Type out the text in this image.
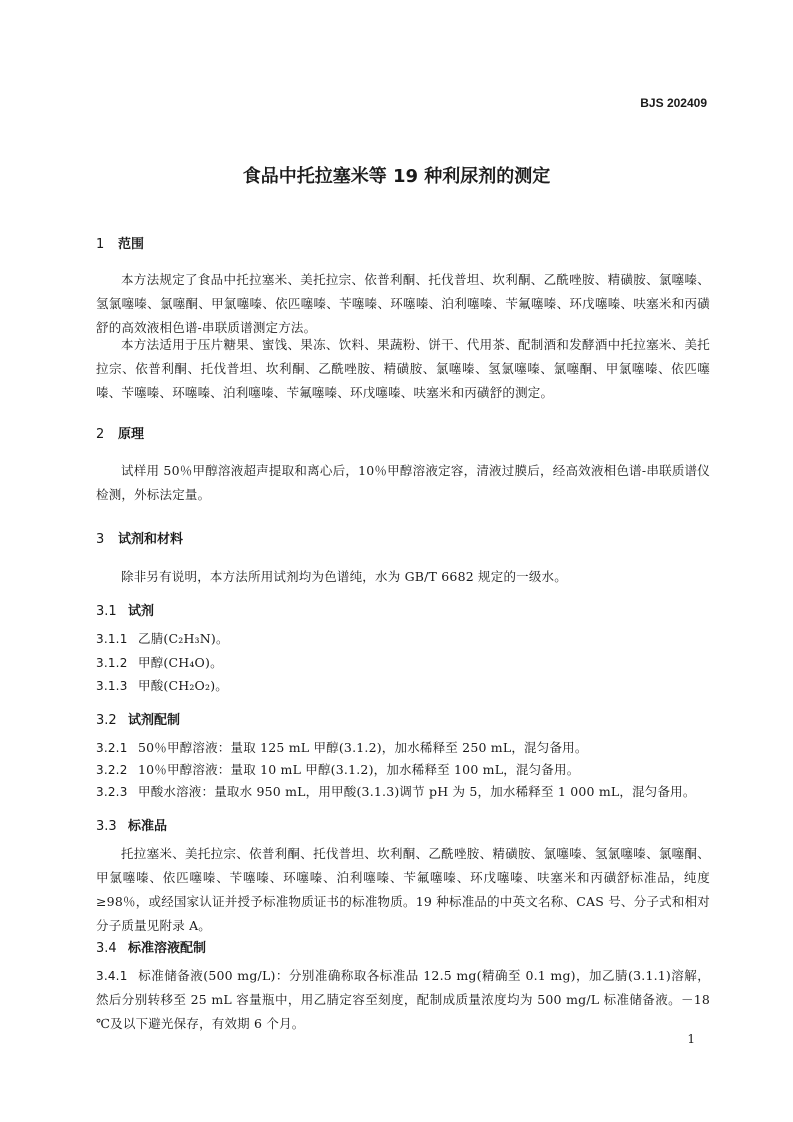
BJS 202409
食品中托拉塞米等 19 种利尿剂的测定
1 范围

本方法规定了食品中托拉塞米、美托拉宗、依普利酮、托伐普坦、坎利酮、乙酰唑胺、精磺胺、氯噻嗪、氢氯噻嗪、氯噻酮、甲氯噻嗪、依匹噻嗪、苄噻嗪、环噻嗪、泊利噻嗪、苄氟噻嗪、环戊噻嗪、呋塞米和丙磺舒的高效液相色谱-串联质谱测定方法。

本方法适用于压片糖果、蜜饯、果冻、饮料、果蔬粉、饼干、代用茶、配制酒和发酵酒中托拉塞米、美托拉宗、依普利酮、托伐普坦、坎利酮、乙酰唑胺、精磺胺、氯噻嗪、氢氯噻嗪、氯噻酮、甲氯噻嗪、依匹噻嗪、苄噻嗪、环噻嗪、泊利噻嗪、苄氟噻嗪、环戊噻嗪、呋塞米和丙磺舒的测定。

2 原理

试样用 50％甲醇溶液超声提取和离心后，10％甲醇溶液定容，清液过膜后，经高效液相色谱-串联质谱仪检测，外标法定量。

3 试剂和材料

除非另有说明，本方法所用试剂均为色谱纯，水为 GB/T 6682 规定的一级水。

3.1 试剂

3.1.1 乙腈(C₂H₃N)。

3.1.2 甲醇(CH₄O)。

3.1.3 甲酸(CH₂O₂)。

3.2 试剂配制

3.2.1 50％甲醇溶液：量取 125 mL 甲醇(3.1.2)，加水稀释至 250 mL，混匀备用。

3.2.2 10％甲醇溶液：量取 10 mL 甲醇(3.1.2)，加水稀释至 100 mL，混匀备用。

3.2.3 甲酸水溶液：量取水 950 mL，用甲酸(3.1.3)调节 pH 为 5，加水稀释至 1 000 mL，混匀备用。

3.3 标准品

托拉塞米、美托拉宗、依普利酮、托伐普坦、坎利酮、乙酰唑胺、精磺胺、氯噻嗪、氢氯噻嗪、氯噻酮、甲氯噻嗪、依匹噻嗪、苄噻嗪、环噻嗪、泊利噻嗪、苄氟噻嗪、环戊噻嗪、呋塞米和丙磺舒标准品，纯度≥98％，或经国家认证并授予标准物质证书的标准物质。19 种标准品的中英文名称、CAS 号、分子式和相对分子质量见附录 A。

3.4 标准溶液配制

3.4.1 标准储备液(500 mg/L)：分别准确称取各标准品 12.5 mg(精确至 0.1 mg)，加乙腈(3.1.1)溶解，然后分别转移至 25 mL 容量瓶中，用乙腈定容至刻度，配制成质量浓度均为 500 mg/L 标准储备液。－18 ℃及以下避光保存，有效期 6 个月。

1
